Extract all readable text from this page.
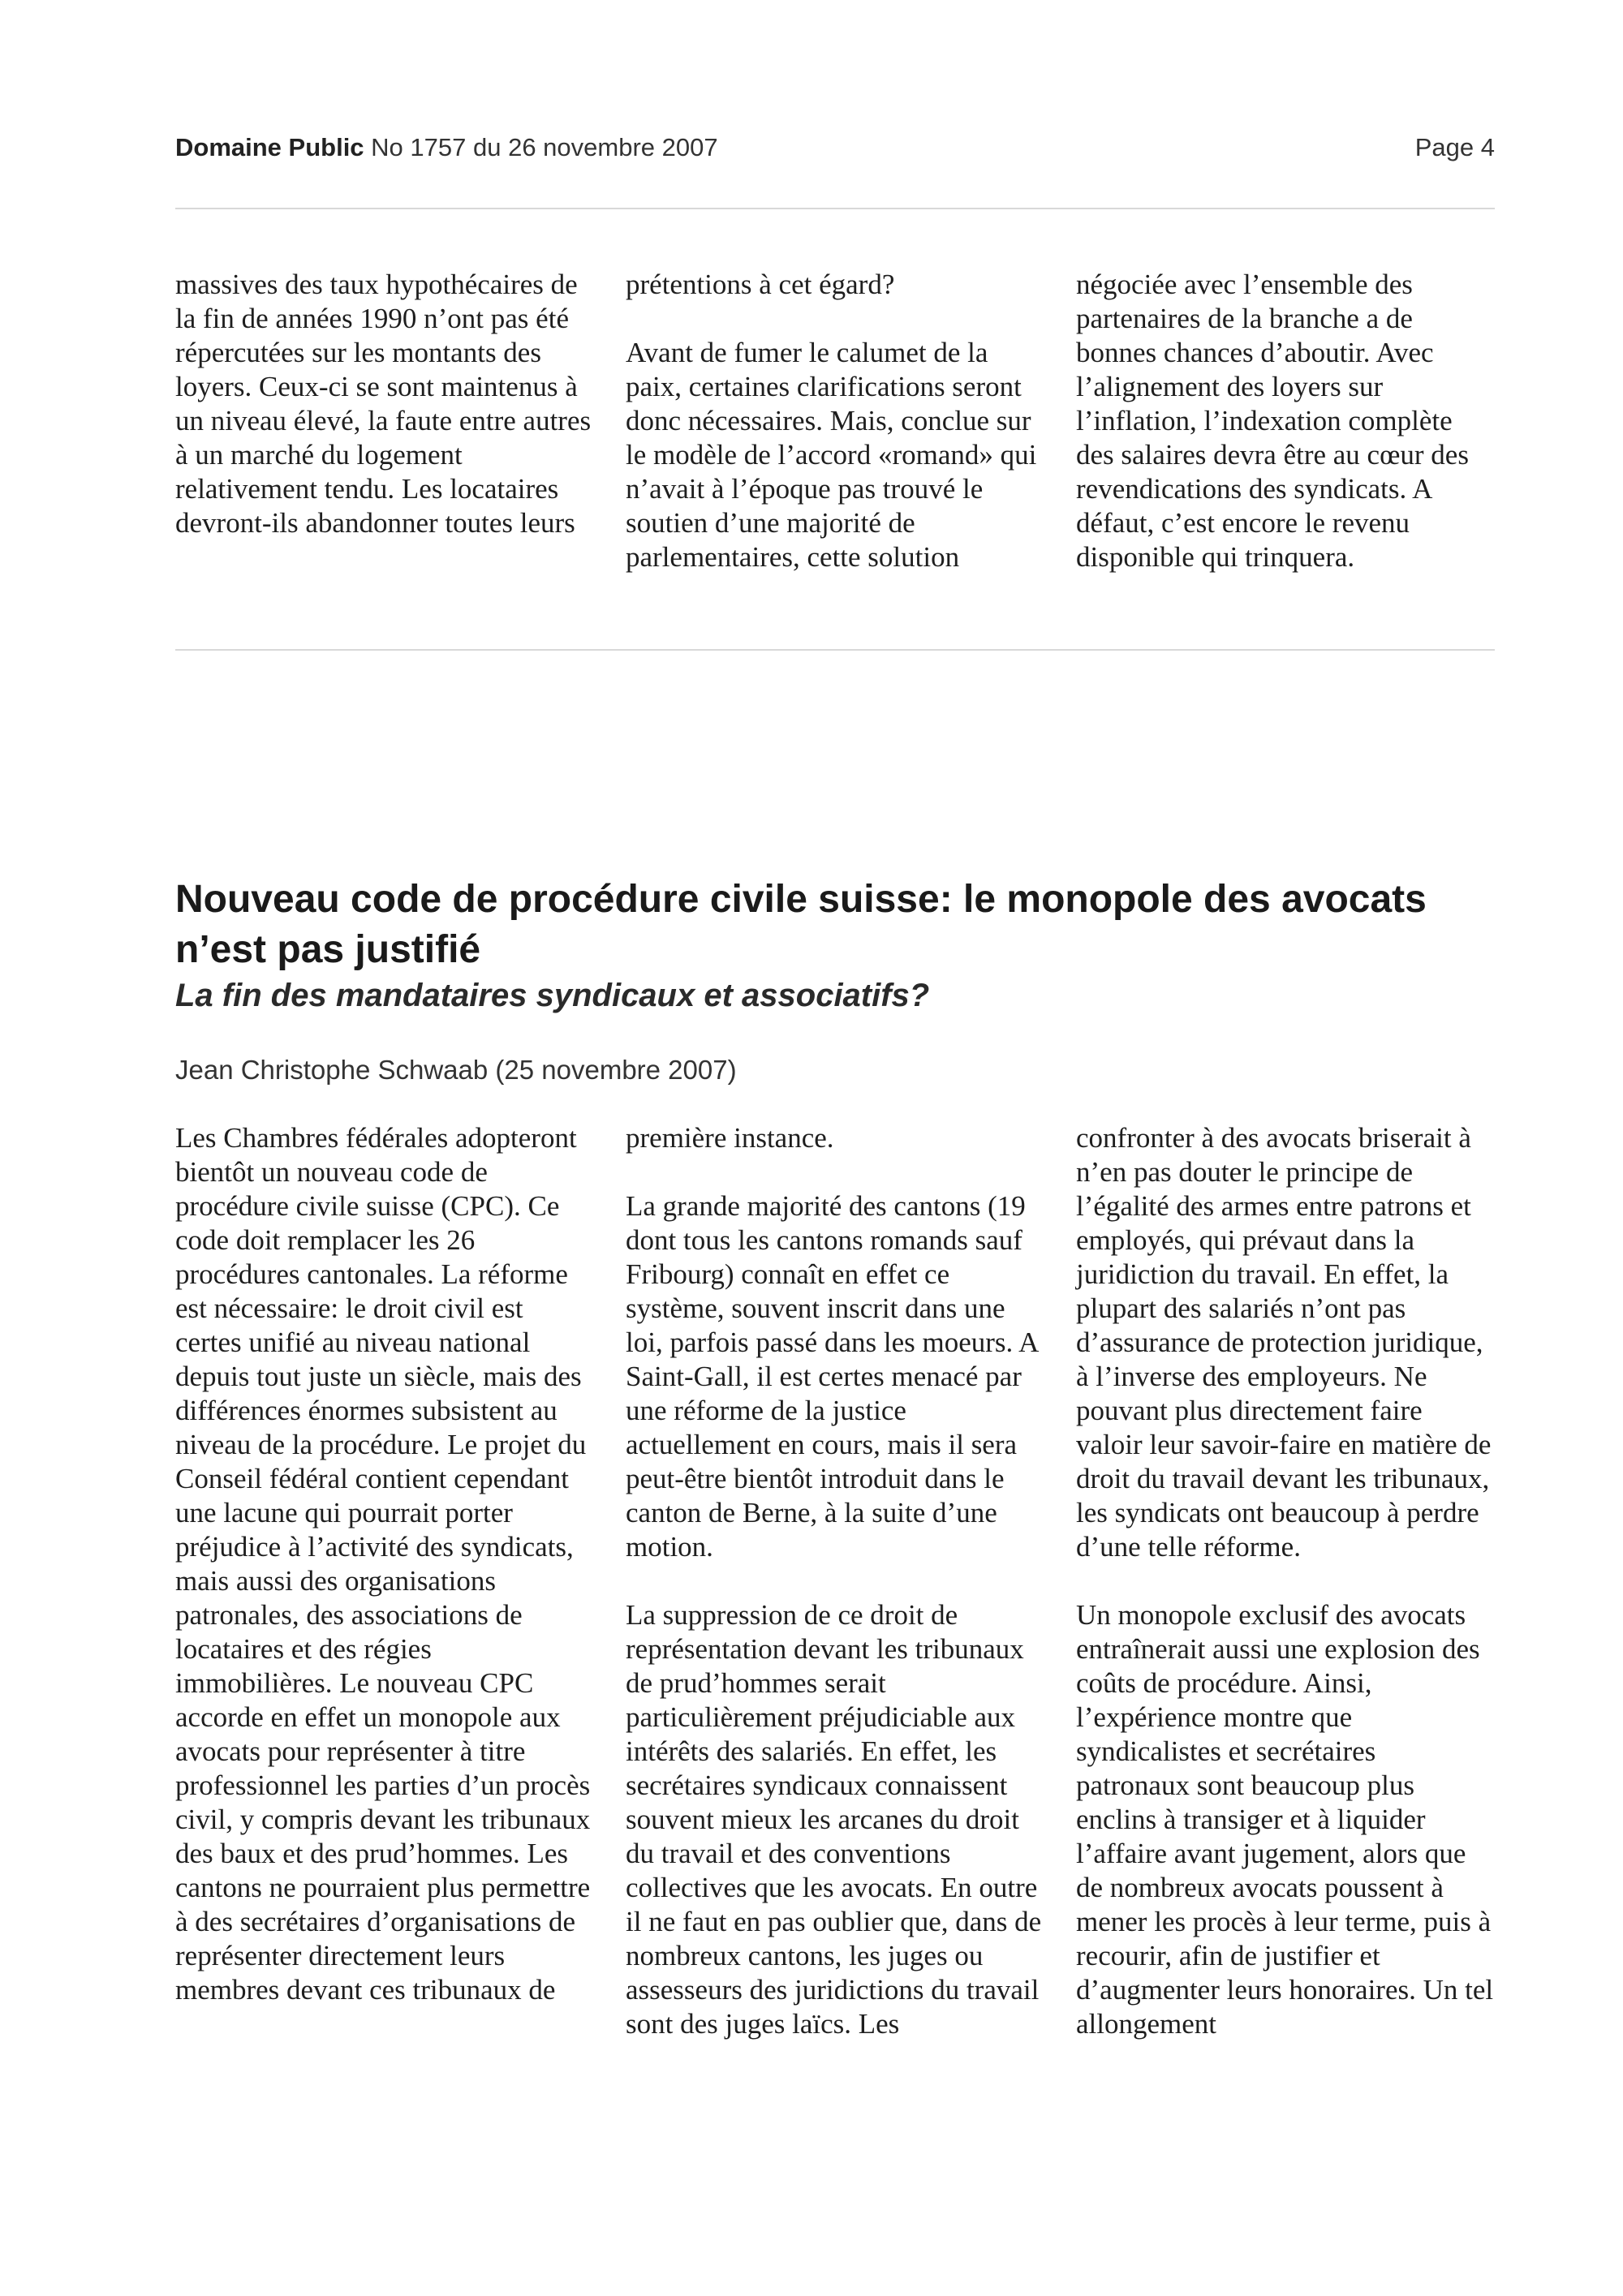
Domaine Public No 1757 du 26 novembre 2007	Page 4

massives des taux hypothécaires de la fin de années 1990 n’ont pas été répercutées sur les montants des loyers. Ceux-ci se sont maintenus à un niveau élevé, la faute entre autres à un marché du logement relativement tendu. Les locataires devront-ils abandonner toutes leurs

prétentions à cet égard?

Avant de fumer le calumet de la paix, certaines clarifications seront donc nécessaires. Mais, conclue sur le modèle de l’accord «romand» qui n’avait à l’époque pas trouvé le soutien d’une majorité de parlementaires, cette solution

négociée avec l’ensemble des partenaires de la branche a de bonnes chances d’aboutir. Avec l’alignement des loyers sur l’inflation, l’indexation complète des salaires devra être au cœur des revendications des syndicats. A défaut, c’est encore le revenu disponible qui trinquera.

Nouveau code de procédure civile suisse: le monopole des avocats n’est pas justifié
La fin des mandataires syndicaux et associatifs?
Jean Christophe Schwaab (25 novembre 2007)

Les Chambres fédérales adopteront bientôt un nouveau code de procédure civile suisse (CPC). Ce code doit remplacer les 26 procédures cantonales. La réforme est nécessaire: le droit civil est certes unifié au niveau national depuis tout juste un siècle, mais des différences énormes subsistent au niveau de la procédure. Le projet du Conseil fédéral contient cependant une lacune qui pourrait porter préjudice à l’activité des syndicats, mais aussi des organisations patronales, des associations de locataires et des régies immobilières. Le nouveau CPC accorde en effet un monopole aux avocats pour représenter à titre professionnel les parties d’un procès civil, y compris devant les tribunaux des baux et des prud’hommes. Les cantons ne pourraient plus permettre à des secrétaires d’organisations de représenter directement leurs membres devant ces tribunaux de

première instance.

La grande majorité des cantons (19 dont tous les cantons romands sauf Fribourg) connaît en effet ce système, souvent inscrit dans une loi, parfois passé dans les moeurs. A Saint-Gall, il est certes menacé par une réforme de la justice actuellement en cours, mais il sera peut-être bientôt introduit dans le canton de Berne, à la suite d’une motion.

La suppression de ce droit de représentation devant les tribunaux de prud’hommes serait particulièrement préjudiciable aux intérêts des salariés. En effet, les secrétaires syndicaux connaissent souvent mieux les arcanes du droit du travail et des conventions collectives que les avocats. En outre il ne faut en pas oublier que, dans de nombreux cantons, les juges ou assesseurs des juridictions du travail sont des juges laïcs. Les

confronter à des avocats briserait à n’en pas douter le principe de l’égalité des armes entre patrons et employés, qui prévaut dans la juridiction du travail. En effet, la plupart des salariés n’ont pas d’assurance de protection juridique, à l’inverse des employeurs. Ne pouvant plus directement faire valoir leur savoir-faire en matière de droit du travail devant les tribunaux, les syndicats ont beaucoup à perdre d’une telle réforme.

Un monopole exclusif des avocats entraînerait aussi une explosion des coûts de procédure. Ainsi, l’expérience montre que syndicalistes et secrétaires patronaux sont beaucoup plus enclins à transiger et à liquider l’affaire avant jugement, alors que de nombreux avocats poussent à mener les procès à leur terme, puis à recourir, afin de justifier et d’augmenter leurs honoraires. Un tel allongement
